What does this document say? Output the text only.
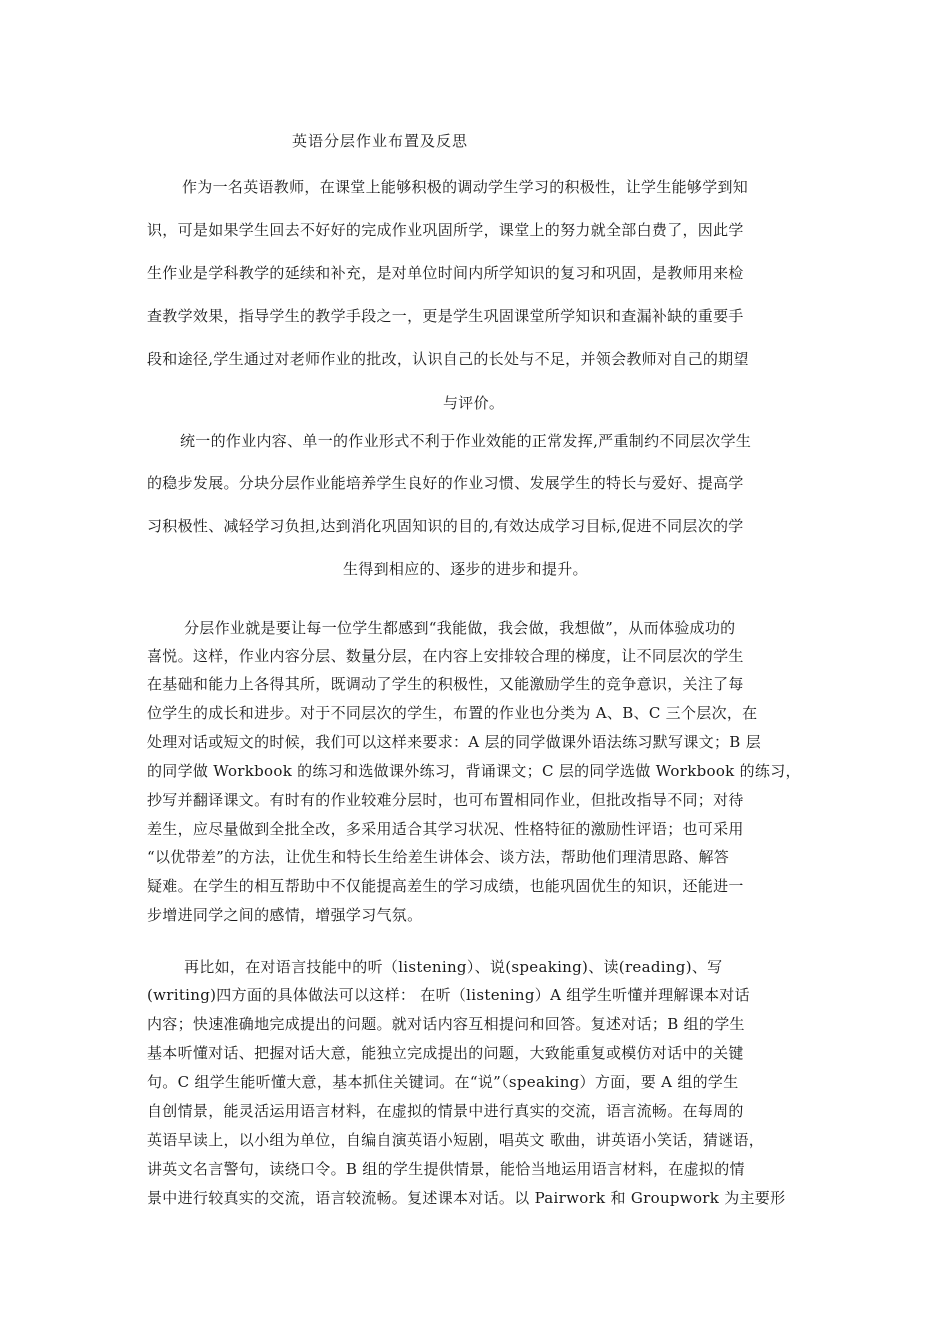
英语分层作业布置及反思
作为一名英语教师，在课堂上能够积极的调动学生学习的积极性，让学生能够学到知
识，可是如果学生回去不好好的完成作业巩固所学，课堂上的努力就全部白费了，因此学
生作业是学科教学的延续和补充，是对单位时间内所学知识的复习和巩固，是教师用来检
查教学效果，指导学生的教学手段之一，更是学生巩固课堂所学知识和查漏补缺的重要手
段和途径,学生通过对老师作业的批改，认识自己的长处与不足，并领会教师对自己的期望
与评价。
统一的作业内容、单一的作业形式不利于作业效能的正常发挥,严重制约不同层次学生
的稳步发展。分块分层作业能培养学生良好的作业习惯、发展学生的特长与爱好、提高学
习积极性、减轻学习负担,达到消化巩固知识的目的,有效达成学习目标,促进不同层次的学
生得到相应的、逐步的进步和提升。
分层作业就是要让每一位学生都感到“我能做，我会做，我想做”，从而体验成功的
喜悦。这样，作业内容分层、数量分层，在内容上安排较合理的梯度，让不同层次的学生
在基础和能力上各得其所，既调动了学生的积极性，又能激励学生的竞争意识，关注了每
位学生的成长和进步。对于不同层次的学生，布置的作业也分类为 A、B、C 三个层次，在
处理对话或短文的时候，我们可以这样来要求：A 层的同学做课外语法练习默写课文；B 层
的同学做 Workbook 的练习和选做课外练习，背诵课文；C 层的同学选做 Workbook 的练习，
抄写并翻译课文。有时有的作业较难分层时，也可布置相同作业，但批改指导不同；对待
差生，应尽量做到全批全改，多采用适合其学习状况、性格特征的激励性评语；也可采用
“以优带差”的方法，让优生和特长生给差生讲体会、谈方法，帮助他们理清思路、解答
疑难。在学生的相互帮助中不仅能提高差生的学习成绩，也能巩固优生的知识，还能进一
步增进同学之间的感情，增强学习气氛。
再比如，在对语言技能中的听（listening）、说(speaking)、读(reading)、写
(writing)四方面的具体做法可以这样： 在听（listening）A 组学生听懂并理解课本对话
内容；快速准确地完成提出的问题。就对话内容互相提问和回答。复述对话；B 组的学生
基本听懂对话、把握对话大意，能独立完成提出的问题，大致能重复或模仿对话中的关键
句。C 组学生能听懂大意，基本抓住关键词。在“说”（speaking）方面，要 A 组的学生
自创情景，能灵活运用语言材料，在虚拟的情景中进行真实的交流，语言流畅。在每周的
英语早读上，以小组为单位，自编自演英语小短剧，唱英文 歌曲，讲英语小笑话，猜谜语，
讲英文名言警句，读绕口令。B 组的学生提供情景，能恰当地运用语言材料，在虚拟的情
景中进行较真实的交流，语言较流畅。复述课本对话。以 Pairwork 和 Groupwork 为主要形
